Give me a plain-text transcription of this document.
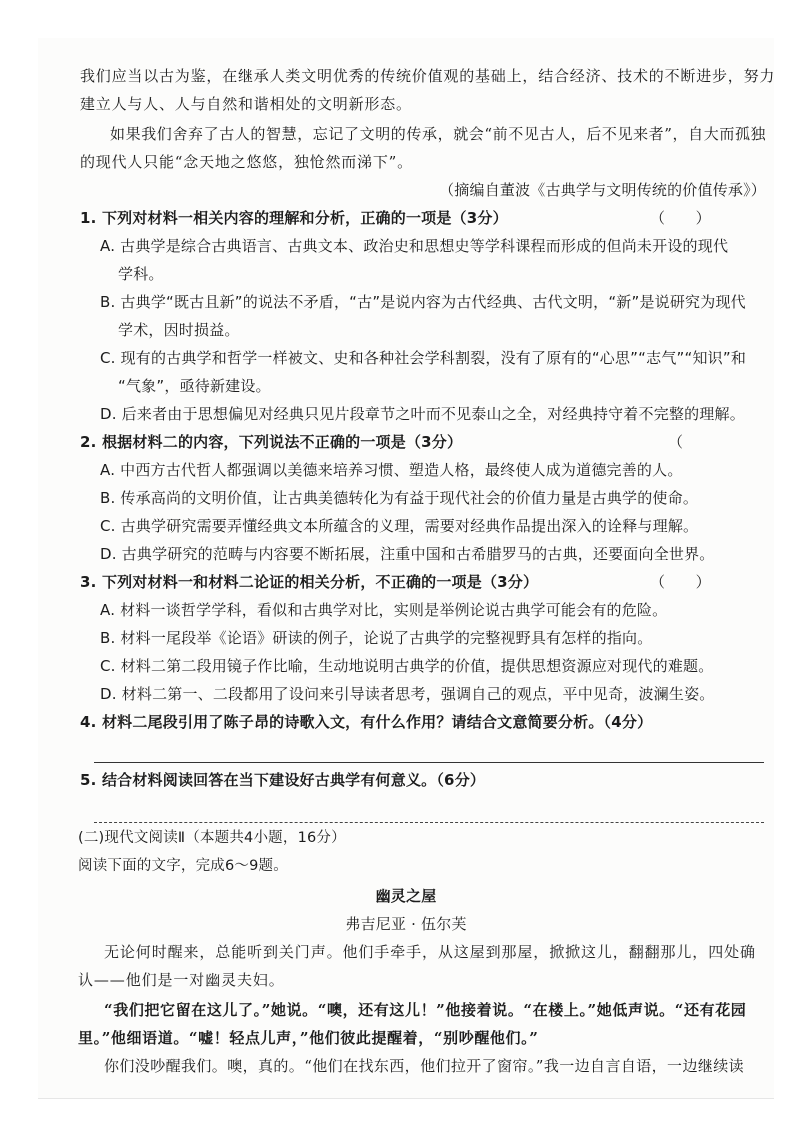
我们应当以古为鉴，在继承人类文明优秀的传统价值观的基础上，结合经济、技术的不断进步，努力
建立人与人、人与自然和谐相处的文明新形态。
如果我们舍弃了古人的智慧，忘记了文明的传承，就会“前不见古人，后不见来者”，自大而孤独
的现代人只能“念天地之悠悠，独怆然而涕下”。
（摘编自董波《古典学与文明传统的价值传承》）
1. 下列对材料一相关内容的理解和分析，正确的一项是（3分）	（　　）
A. 古典学是综合古典语言、古典文本、政治史和思想史等学科课程而形成的但尚未开设的现代
学科。
B. 古典学“既古且新”的说法不矛盾，“古”是说内容为古代经典、古代文明，“新”是说研究为现代
学术，因时损益。
C. 现有的古典学和哲学一样被文、史和各种社会学科割裂，没有了原有的“心思”“志气”“知识”和
“气象”，亟待新建设。
D. 后来者由于思想偏见对经典只见片段章节之叶而不见泰山之全，对经典持守着不完整的理解。
2. 根据材料二的内容，下列说法不正确的一项是（3分）	（
A. 中西方古代哲人都强调以美德来培养习惯、塑造人格，最终使人成为道德完善的人。
B. 传承高尚的文明价值，让古典美德转化为有益于现代社会的价值力量是古典学的使命。
C. 古典学研究需要弄懂经典文本所蕴含的义理，需要对经典作品提出深入的诠释与理解。
D. 古典学研究的范畴与内容要不断拓展，注重中国和古希腊罗马的古典，还要面向全世界。
3. 下列对材料一和材料二论证的相关分析，不正确的一项是（3分）	（　　）
A. 材料一谈哲学学科，看似和古典学对比，实则是举例论说古典学可能会有的危险。
B. 材料一尾段举《论语》研读的例子，论说了古典学的完整视野具有怎样的指向。
C. 材料二第二段用镜子作比喻，生动地说明古典学的价值，提供思想资源应对现代的难题。
D. 材料二第一、二段都用了设问来引导读者思考，强调自己的观点，平中见奇，波澜生姿。
4. 材料二尾段引用了陈子昂的诗歌入文，有什么作用？请结合文意简要分析。（4分）
5. 结合材料阅读回答在当下建设好古典学有何意义。（6分）
(二)现代文阅读Ⅱ（本题共4小题，16分）
阅读下面的文字，完成6～9题。
幽灵之屋
弗吉尼亚 · 伍尔芙
无论何时醒来，总能听到关门声。他们手牵手，从这屋到那屋，掀掀这儿，翻翻那儿，四处确
认——他们是一对幽灵夫妇。
“我们把它留在这儿了。”她说。“噢，还有这儿！”他接着说。“在楼上。”她低声说。“还有花园
里。”他细语道。“嘘！轻点儿声，”他们彼此提醒着，“别吵醒他们。”
你们没吵醒我们。噢，真的。“他们在找东西，他们拉开了窗帘。”我一边自言自语，一边继续读
